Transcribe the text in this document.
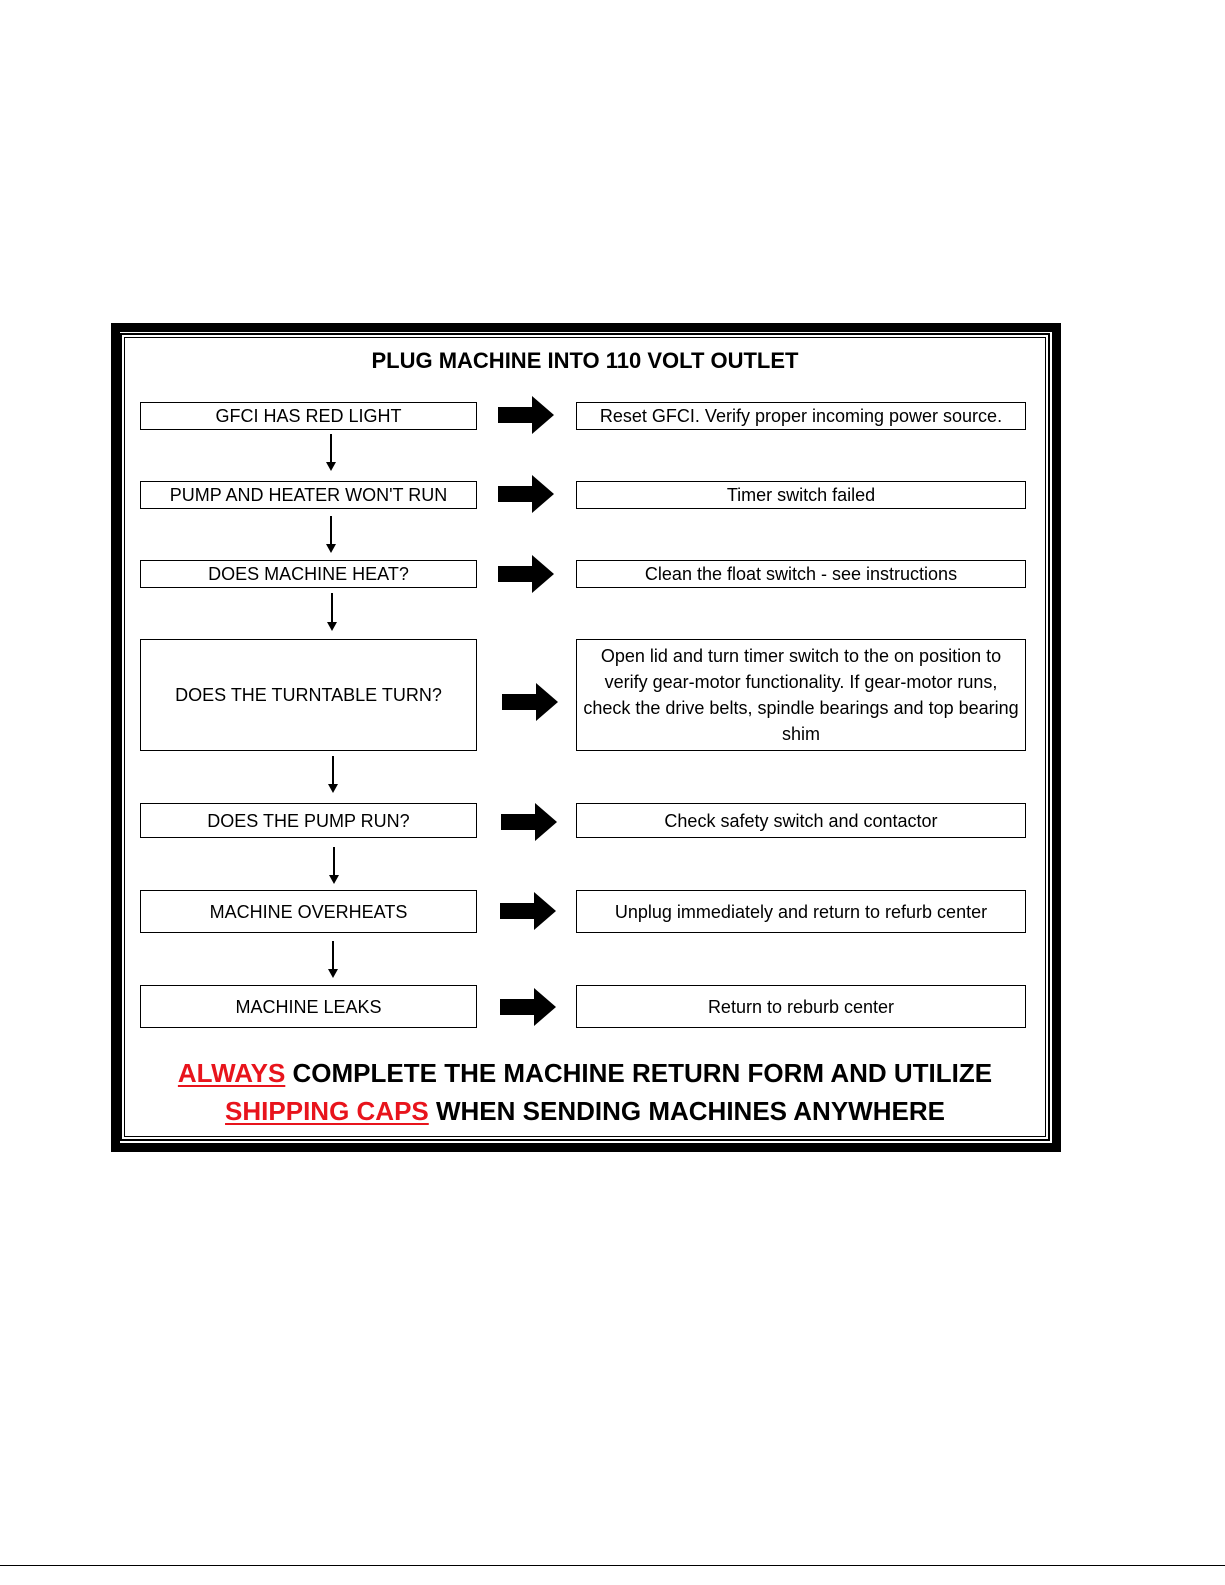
PLUG MACHINE INTO 110 VOLT OUTLET
GFCI HAS RED LIGHT	Reset GFCI. Verify proper incoming power source.
PUMP AND HEATER WON'T RUN	Timer switch failed
DOES MACHINE HEAT?	Clean the float switch - see instructions
DOES THE TURNTABLE TURN?
Open lid and turn timer switch to the on position to verify gear-motor functionality. If gear-motor runs, check the drive belts, spindle bearings and top bearing shim
DOES THE PUMP RUN?	Check safety switch and contactor
MACHINE OVERHEATS	Unplug immediately and return to refurb center
MACHINE LEAKS	Return to reburb center
ALWAYS COMPLETE THE MACHINE RETURN FORM AND UTILIZE
SHIPPING CAPS WHEN SENDING MACHINES ANYWHERE
